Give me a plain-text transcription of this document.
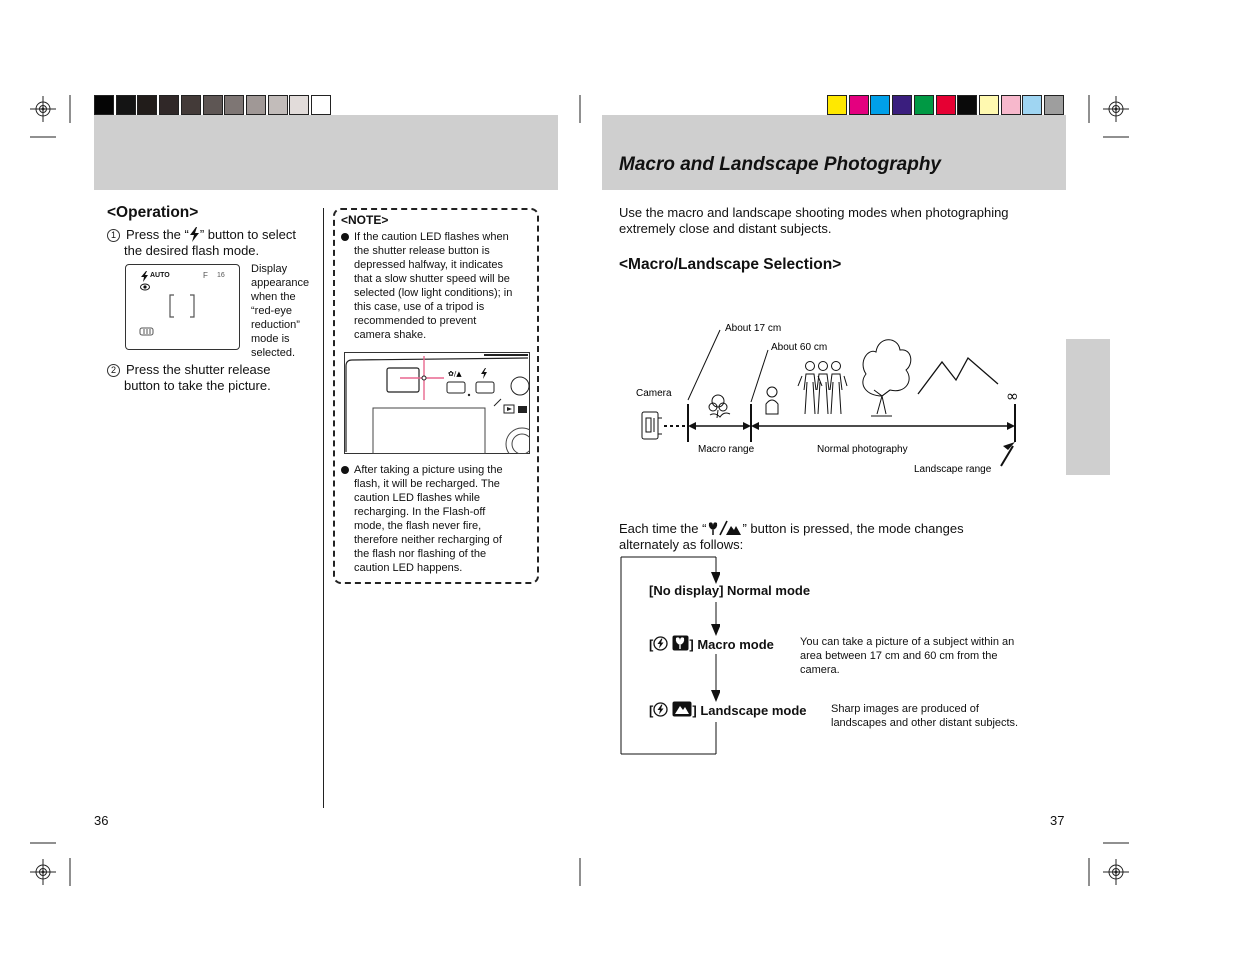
<Operation>
1 Press the “ ” button to select
the desired flash mode.
AUTO	F 16
Display
appearance
when the
“red-eye
reduction”
mode is
selected.
2 Press the shutter release
button to take the picture.
36
<NOTE>
If the caution LED flashes when
the shutter release button is
depressed halfway, it indicates
that a slow shutter speed will be
selected (low light conditions); in
this case, use of a tripod is
recommended to prevent
camera shake.
✿/▲
After taking a picture using the
flash, it will be recharged. The
caution LED flashes while
recharging. In the Flash-off
mode, the flash never fire,
therefore neither recharging of
the flash nor flashing of the
caution LED happens.
Macro and Landscape Photography
Use the macro and landscape shooting modes when photographing
extremely close and distant subjects.
<Macro/Landscape Selection>
About 17 cm
About 60 cm
Camera
Macro range	Normal photography
Landscape range
∞
Each time the “	” button is pressed, the mode changes
alternately as follows:
[No display] Normal mode
[	] Macro mode
[	] Landscape mode
You can take a picture of a subject within an
area between 17 cm and 60 cm from the
camera.
Sharp images are produced of
landscapes and other distant subjects.
37
